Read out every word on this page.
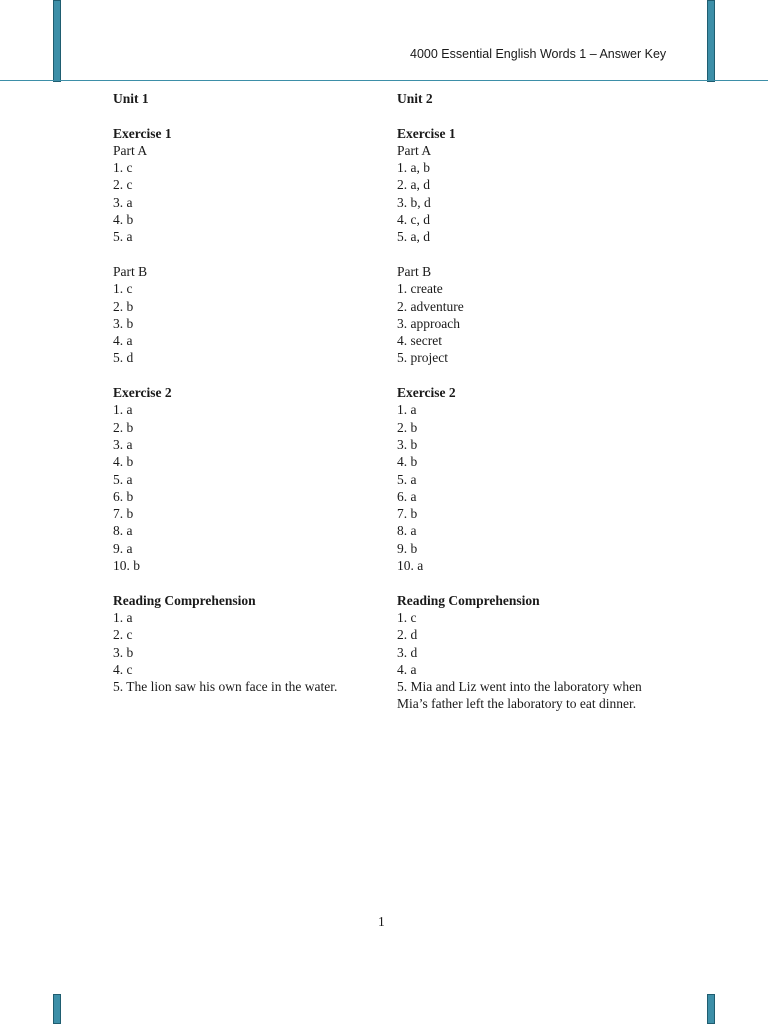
4000 Essential English Words 1 – Answer Key
Unit 1
Exercise 1
Part A
1. c
2. c
3. a
4. b
5. a
Part B
1. c
2. b
3. b
4. a
5. d
Exercise 2
1. a
2. b
3. a
4. b
5. a
6. b
7. b
8. a
9. a
10. b
Reading Comprehension
1. a
2. c
3. b
4. c
5. The lion saw his own face in the water.
Unit 2
Exercise 1
Part A
1. a, b
2. a, d
3. b, d
4. c, d
5. a, d
Part B
1. create
2. adventure
3. approach
4. secret
5. project
Exercise 2
1. a
2. b
3. b
4. b
5. a
6. a
7. b
8. a
9. b
10. a
Reading Comprehension
1. c
2. d
3. d
4. a
5. Mia and Liz went into the laboratory when Mia’s father left the laboratory to eat dinner.
1
